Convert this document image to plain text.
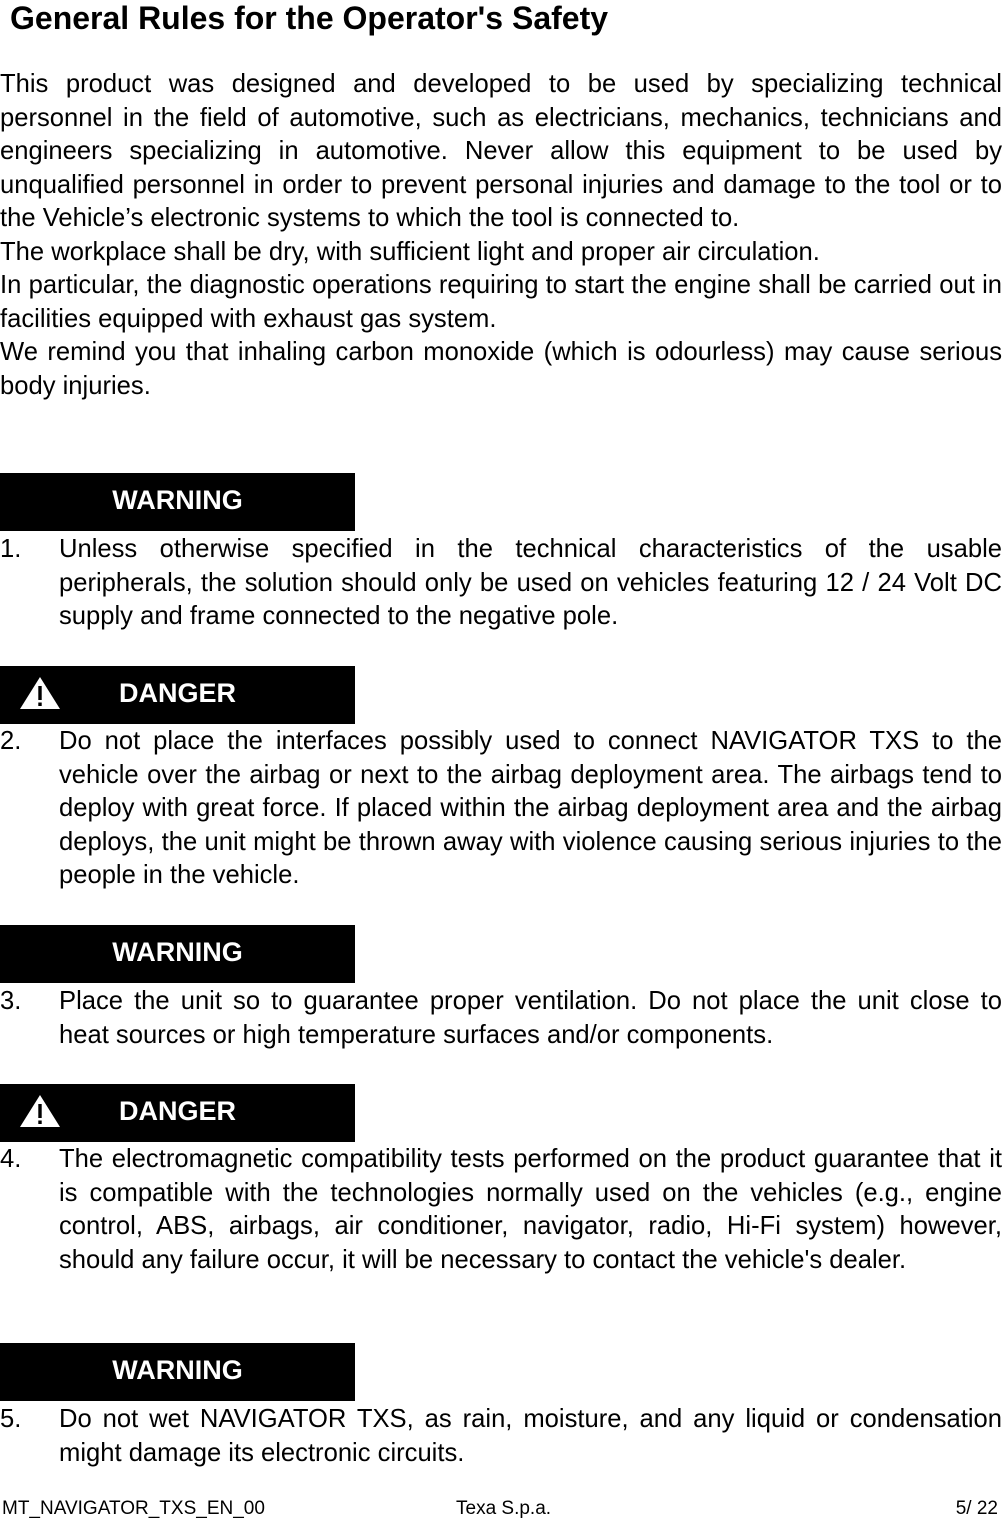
General Rules for the Operator's Safety

This product was designed and developed to be used by specializing technical personnel in the field of automotive, such as electricians, mechanics, technicians and engineers specializing in automotive. Never allow this equipment to be used by unqualified personnel in order to prevent personal injuries and damage to the tool or to the Vehicle’s electronic systems to which the tool is connected to.

The workplace shall be dry, with sufficient light and proper air circulation.

In particular, the diagnostic operations requiring to start the engine shall be carried out in facilities equipped with exhaust gas system.

We remind you that inhaling carbon monoxide (which is odourless) may cause serious body injuries.

WARNING
1.	Unless otherwise specified in the technical characteristics of the usable peripherals, the solution should only be used on vehicles featuring 12 / 24 Volt DC supply and frame connected to the negative pole.
DANGER
2.	Do not place the interfaces possibly used to connect NAVIGATOR TXS to the vehicle over the airbag or next to the airbag deployment area. The airbags tend to deploy with great force. If placed within the airbag deployment area and the airbag deploys, the unit might be thrown away with violence causing serious injuries to the people in the vehicle.
WARNING
3.	Place the unit so to guarantee proper ventilation. Do not place the unit close to heat sources or high temperature surfaces and/or components.
DANGER
4.	The electromagnetic compatibility tests performed on the product guarantee that it is compatible with the technologies normally used on the vehicles (e.g., engine control, ABS, airbags, air conditioner, navigator, radio, Hi-Fi system) however, should any failure occur, it will be necessary to contact the vehicle's dealer.
WARNING
5.	Do not wet NAVIGATOR TXS, as rain, moisture, and any liquid or condensation might damage its electronic circuits.
MT_NAVIGATOR_TXS_EN_00	Texa S.p.a.	5/ 22
